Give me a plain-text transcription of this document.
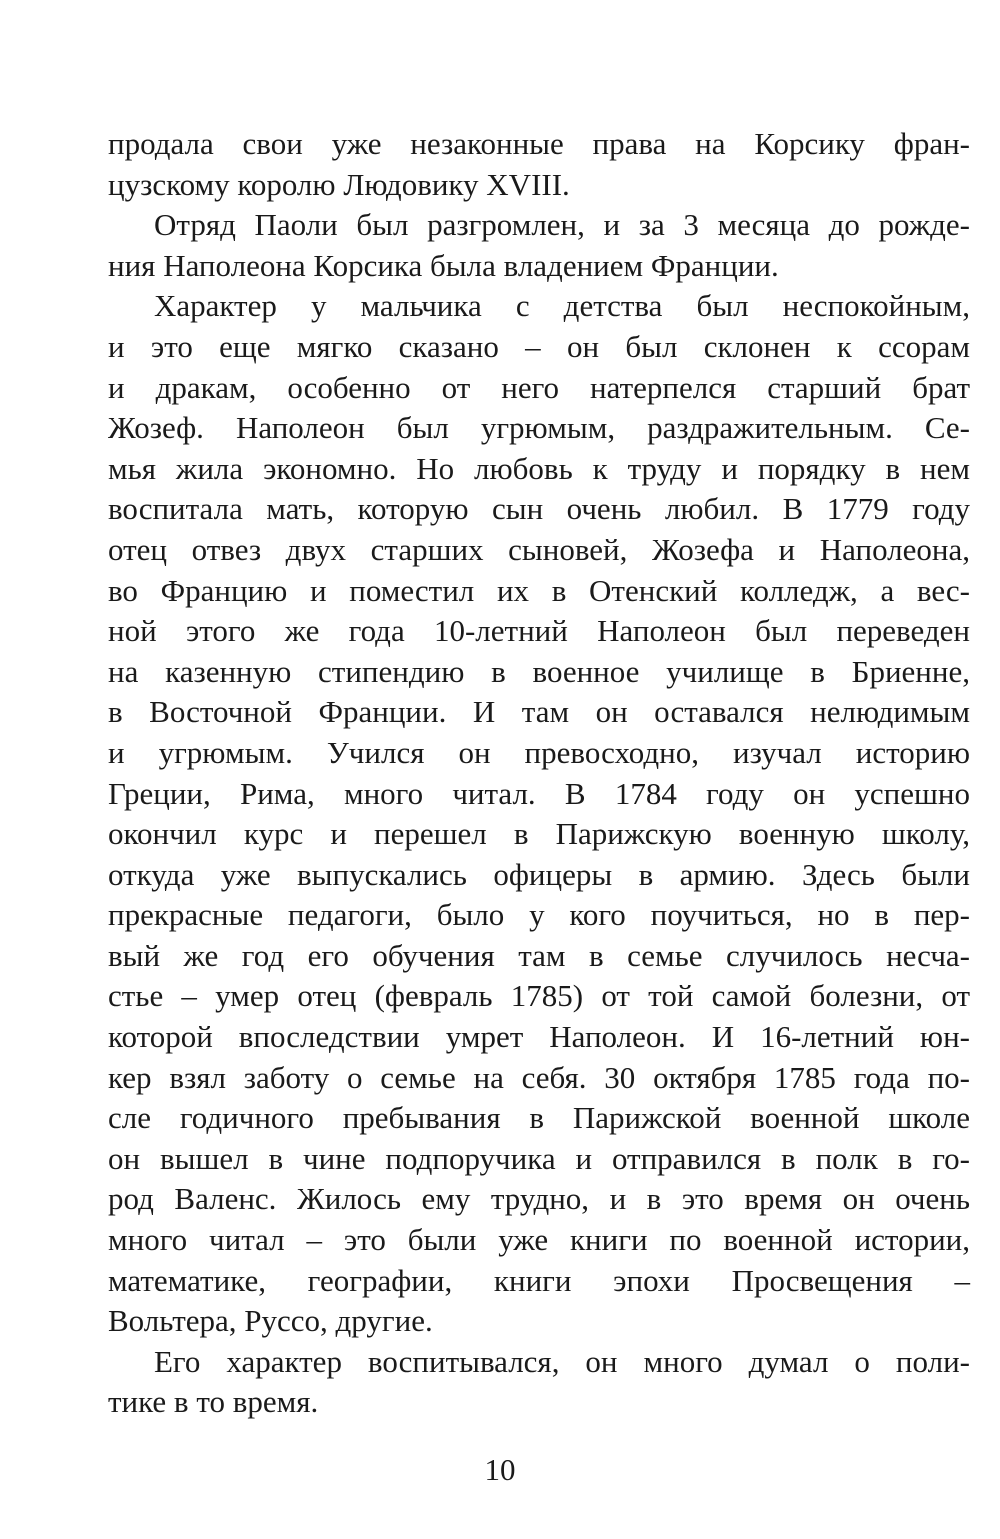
продала свои уже незаконные права на Корсику фран-
цузскому королю Людовику XVIII.
Отряд Паоли был разгромлен, и за 3 месяца до рожде-
ния Наполеона Корсика была владением Франции.
Характер у мальчика с детства был неспокойным,
и это еще мягко сказано – он был склонен к ссорам
и дракам, особенно от него натерпелся старший брат
Жозеф. Наполеон был угрюмым, раздражительным. Се-
мья жила экономно. Но любовь к труду и порядку в нем
воспитала мать, которую сын очень любил. В 1779 году
отец отвез двух старших сыновей, Жозефа и Наполеона,
во Францию и поместил их в Отенский колледж, а вес-
ной этого же года 10-летний Наполеон был переведен
на казенную стипендию в военное училище в Бриенне,
в Восточной Франции. И там он оставался нелюдимым
и угрюмым. Учился он превосходно, изучал историю
Греции, Рима, много читал. В 1784 году он успешно
окончил курс и перешел в Парижскую военную школу,
откуда уже выпускались офицеры в армию. Здесь были
прекрасные педагоги, было у кого поучиться, но в пер-
вый же год его обучения там в семье случилось несча-
стье – умер отец (февраль 1785) от той самой болезни, от
которой впоследствии умрет Наполеон. И 16-летний юн-
кер взял заботу о семье на себя. 30 октября 1785 года по-
сле годичного пребывания в Парижской военной школе
он вышел в чине подпоручика и отправился в полк в го-
род Валенс. Жилось ему трудно, и в это время он очень
много читал – это были уже книги по военной истории,
математике, географии, книги эпохи Просвещения –
Вольтера, Руссо, другие.
Его характер воспитывался, он много думал о поли-
тике в то время.
10
